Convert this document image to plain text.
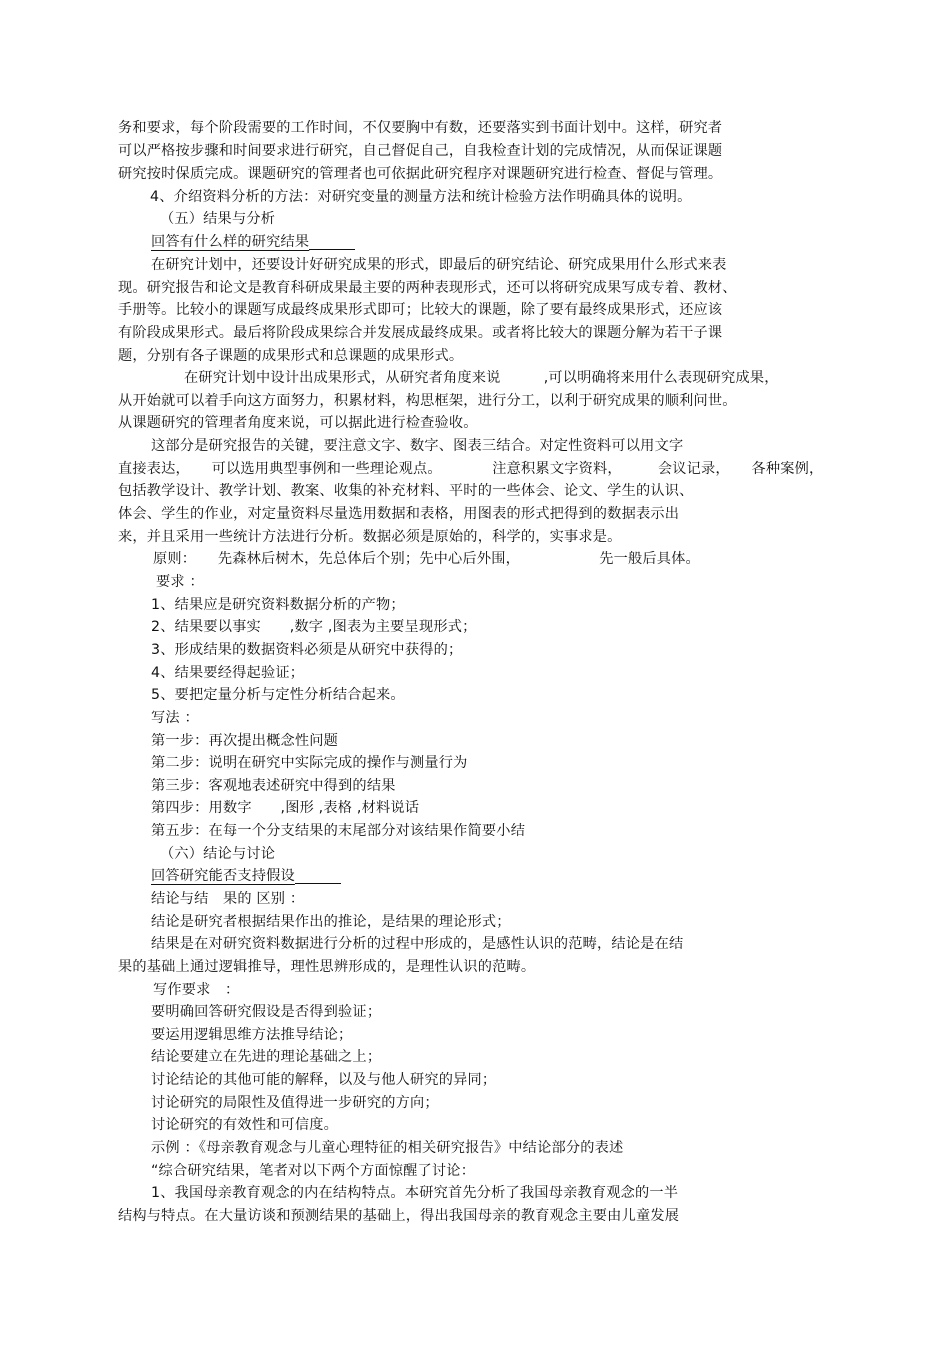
务和要求，每个阶段需要的工作时间，不仅要胸中有数，还要落实到书面计划中。这样，研究者
可以严格按步骤和时间要求进行研究，自己督促自己，自我检查计划的完成情况，从而保证课题
研究按时保质完成。课题研究的管理者也可依据此研究程序对课题研究进行检查、督促与管理。
4、介绍资料分析的方法：对研究变量的测量方法和统计检验方法作明确具体的说明。
（五）结果与分析
回答有什么样的研究结果
在研究计划中，还要设计好研究成果的形式，即最后的研究结论、研究成果用什么形式来表
现。研究报告和论文是教育科研成果最主要的两种表现形式，还可以将研究成果写成专着、教材、
手册等。比较小的课题写成最终成果形式即可；比较大的课题，除了要有最终成果形式，还应该
有阶段成果形式。最后将阶段成果综合并发展成最终成果。或者将比较大的课题分解为若干子课
题，分别有各子课题的成果形式和总课题的成果形式。
在研究计划中设计出成果形式，从研究者角度来说　　　,可以明确将来用什么表现研究成果，
从开始就可以着手向这方面努力，积累材料，构思框架，进行分工，以利于研究成果的顺利问世。
从课题研究的管理者角度来说，可以据此进行检查验收。
这部分是研究报告的关键，要注意文字、数字、图表三结合。对定性资料可以用文字
直接表达，　　可以选用典型事例和一些理论观点。　　　　注意积累文字资料，　　　会议记录，　　各种案例，
包括教学设计、教学计划、教案、收集的补充材料、平时的一些体会、论文、学生的认识、
体会、学生的作业，对定量资料尽量选用数据和表格，用图表的形式把得到的数据表示出
来，并且采用一些统计方法进行分析。数据必须是原始的，科学的，实事求是。
原则：　　先森林后树木，先总体后个别；先中心后外围，　　　　　　先一般后具体。
要求 ：
1、结果应是研究资料数据分析的产物；
2、结果要以事实　　,数字 ,图表为主要呈现形式；
3、形成结果的数据资料必须是从研究中获得的；
4、结果要经得起验证；
5、要把定量分析与定性分析结合起来。
写法 ：
第一步：再次提出概念性问题
第二步：说明在研究中实际完成的操作与测量行为
第三步：客观地表述研究中得到的结果
第四步：用数字　　,图形 ,表格 ,材料说话
第五步：在每一个分支结果的末尾部分对该结果作简要小结
（六）结论与讨论
回答研究能否支持假设
结论与结　果的 区别 ：
结论是研究者根据结果作出的推论，是结果的理论形式；
结果是在对研究资料数据进行分析的过程中形成的，是感性认识的范畴，结论是在结
果的基础上通过逻辑推导，理性思辨形成的，是理性认识的范畴。
写作要求　：
要明确回答研究假设是否得到验证；
要运用逻辑思维方法推导结论；
结论要建立在先进的理论基础之上；
讨论结论的其他可能的解释，以及与他人研究的异同；
讨论研究的局限性及值得进一步研究的方向；
讨论研究的有效性和可信度。
示例 ：《母亲教育观念与儿童心理特征的相关研究报告》中结论部分的表述
“综合研究结果，笔者对以下两个方面惊醒了讨论：
1、我国母亲教育观念的内在结构特点。本研究首先分析了我国母亲教育观念的一半
结构与特点。在大量访谈和预测结果的基础上，得出我国母亲的教育观念主要由儿童发展
